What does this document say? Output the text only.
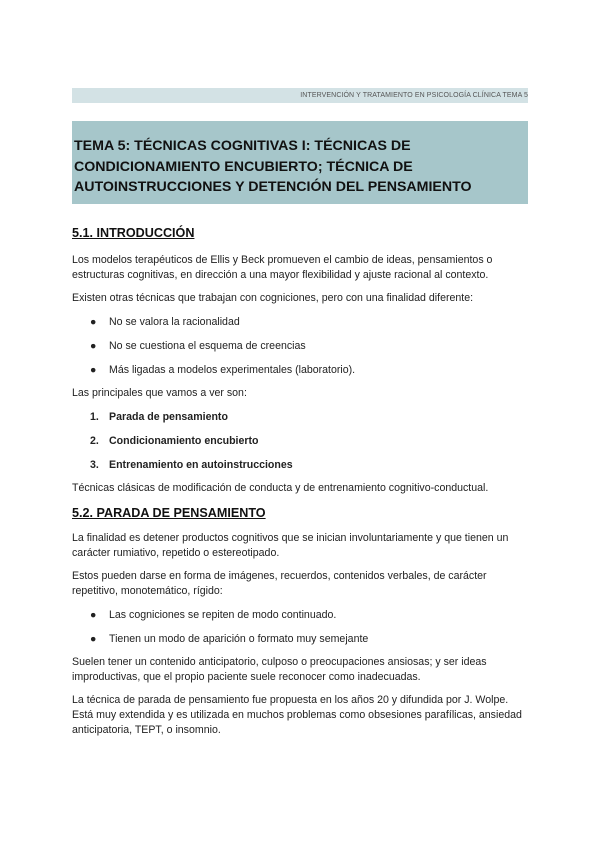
INTERVENCIÓN Y TRATAMIENTO EN PSICOLOGÍA CLÍNICA TEMA 5
TEMA 5: TÉCNICAS COGNITIVAS I: TÉCNICAS DE CONDICIONAMIENTO ENCUBIERTO; TÉCNICA DE AUTOINSTRUCCIONES Y DETENCIÓN DEL PENSAMIENTO
5.1. INTRODUCCIÓN

Los modelos terapéuticos de Ellis y Beck promueven el cambio de ideas, pensamientos o estructuras cognitivas, en dirección a una mayor flexibilidad y ajuste racional al contexto.

Existen otras técnicas que trabajan con cogniciones, pero con una finalidad diferente:

● No se valora la racionalidad
● No se cuestiona el esquema de creencias
● Más ligadas a modelos experimentales (laboratorio).

Las principales que vamos a ver son:

1. Parada de pensamiento
2. Condicionamiento encubierto
3. Entrenamiento en autoinstrucciones

Técnicas clásicas de modificación de conducta y de entrenamiento cognitivo-conductual.

5.2. PARADA DE PENSAMIENTO

La finalidad es detener productos cognitivos que se inician involuntariamente y que tienen un carácter rumiativo, repetido o estereotipado.

Estos pueden darse en forma de imágenes, recuerdos, contenidos verbales, de carácter repetitivo, monotemático, rígido:

● Las cogniciones se repiten de modo continuado.
● Tienen un modo de aparición o formato muy semejante

Suelen tener un contenido anticipatorio, culposo o preocupaciones ansiosas; y ser ideas improductivas, que el propio paciente suele reconocer como inadecuadas.

La técnica de parada de pensamiento fue propuesta en los años 20 y difundida por J. Wolpe. Está muy extendida y es utilizada en muchos problemas como obsesiones parafílicas, ansiedad anticipatoria, TEPT, o insomnio.
